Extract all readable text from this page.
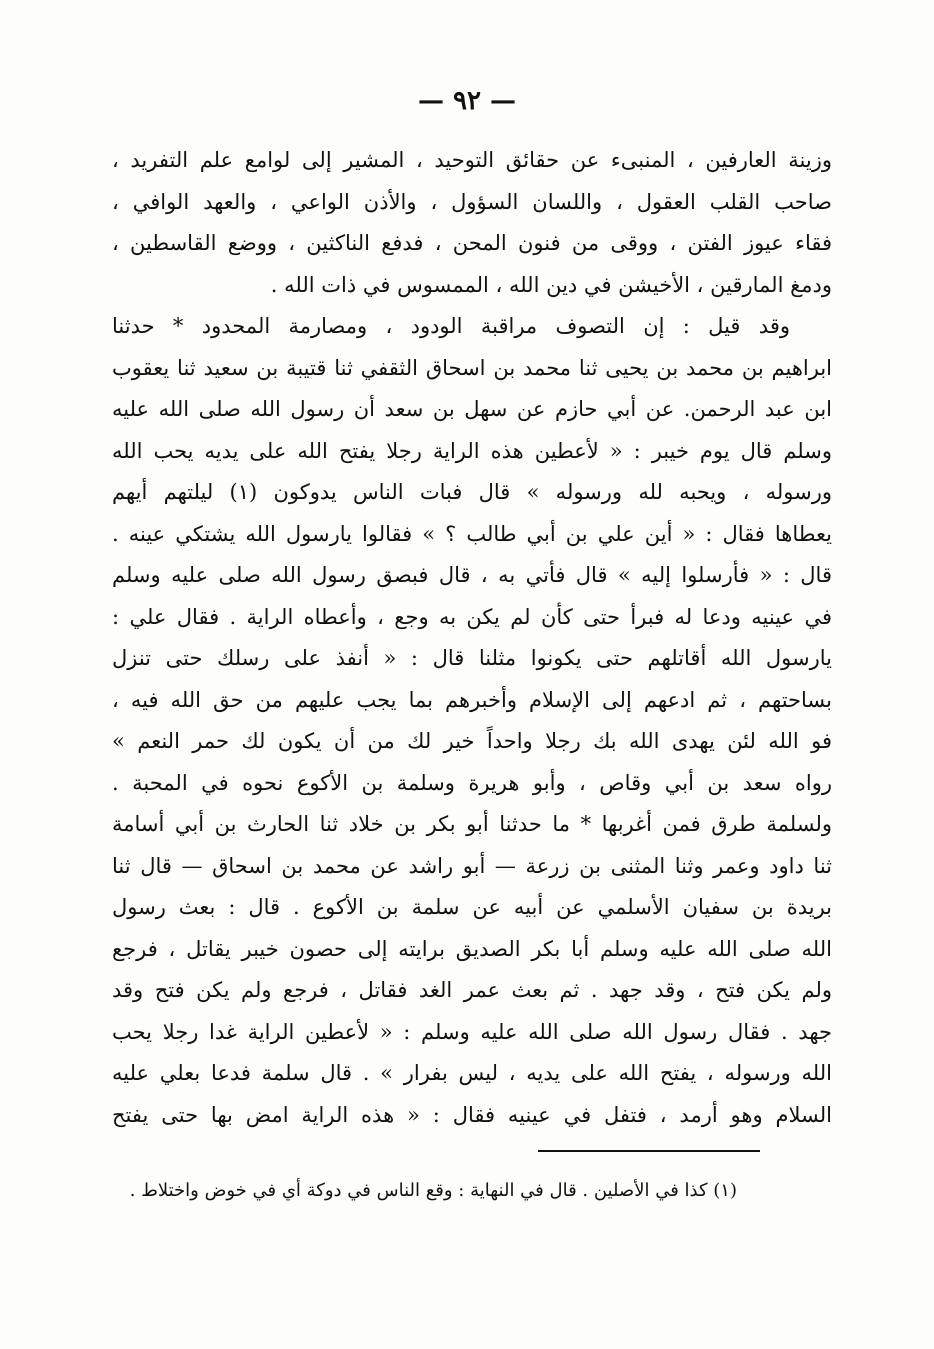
— ٩٢ —
وزينة العارفين ، المنبىء عن حقائق التوحيد ، المشير إلى لوامع علم التفريد ،
صاحب القلب العقول ، واللسان السؤول ، والأذن الواعي ، والعهد الوافي ،
فقاء عيوز الفتن ، ووقى من فنون المحن ، فدفع الناكثين ، ووضع القاسطين ،
ودمغ المارقين ، الأخيشن في دين الله ، الممسوس في ذات الله .
وقد قيل : إن التصوف مراقبة الودود ، ومصارمة المحدود * حدثنا
ابراهيم بن محمد بن يحيى ثنا محمد بن اسحاق الثقفي ثنا قتيبة بن سعيد ثنا يعقوب
ابن عبد الرحمن. عن أبي حازم عن سهل بن سعد أن رسول الله صلى الله عليه
وسلم قال يوم خيبر : « لأعطين هذه الراية رجلا يفتح الله على يديه يحب الله
ورسوله ، ويحبه لله ورسوله » قال فبات الناس يدوكون (١) ليلتهم أيهم
يعطاها فقال : « أين علي بن أبي طالب ؟ » فقالوا يارسول الله يشتكي عينه .
قال : « فأرسلوا إليه » قال فأتي به ، قال فبصق رسول الله صلى عليه وسلم
في عينيه ودعا له فبرأ حتى كأن لم يكن به وجع ، وأعطاه الراية . فقال علي :
يارسول الله أقاتلهم حتى يكونوا مثلنا قال : « أنفذ على رسلك حتى تنزل
بساحتهم ، ثم ادعهم إلى الإسلام وأخبرهم بما يجب عليهم من حق الله فيه ،
فو الله لئن يهدى الله بك رجلا واحداً خير لك من أن يكون لك حمر النعم »
رواه سعد بن أبي وقاص ، وأبو هريرة وسلمة بن الأكوع نحوه في المحبة .
ولسلمة طرق فمن أغربها * ما حدثنا أبو بكر بن خلاد ثنا الحارث بن أبي أسامة
ثنا داود وعمر وثنا المثنى بن زرعة — أبو راشد عن محمد بن اسحاق — قال ثنا
بريدة بن سفيان الأسلمي عن أبيه عن سلمة بن الأكوع . قال : بعث رسول
الله صلى الله عليه وسلم أبا بكر الصديق برايته إلى حصون خيبر يقاتل ، فرجع
ولم يكن فتح ، وقد جهد . ثم بعث عمر الغد فقاتل ، فرجع ولم يكن فتح وقد
جهد . فقال رسول الله صلى الله عليه وسلم : « لأعطين الراية غدا رجلا يحب
الله ورسوله ، يفتح الله على يديه ، ليس بفرار » . قال سلمة فدعا بعلي عليه
السلام وهو أرمد ، فتفل في عينيه فقال : « هذه الراية امض بها حتى يفتح
(١) كذا في الأصلين . قال في النهاية : وقع الناس في دوكة أي في خوض واختلاط .
